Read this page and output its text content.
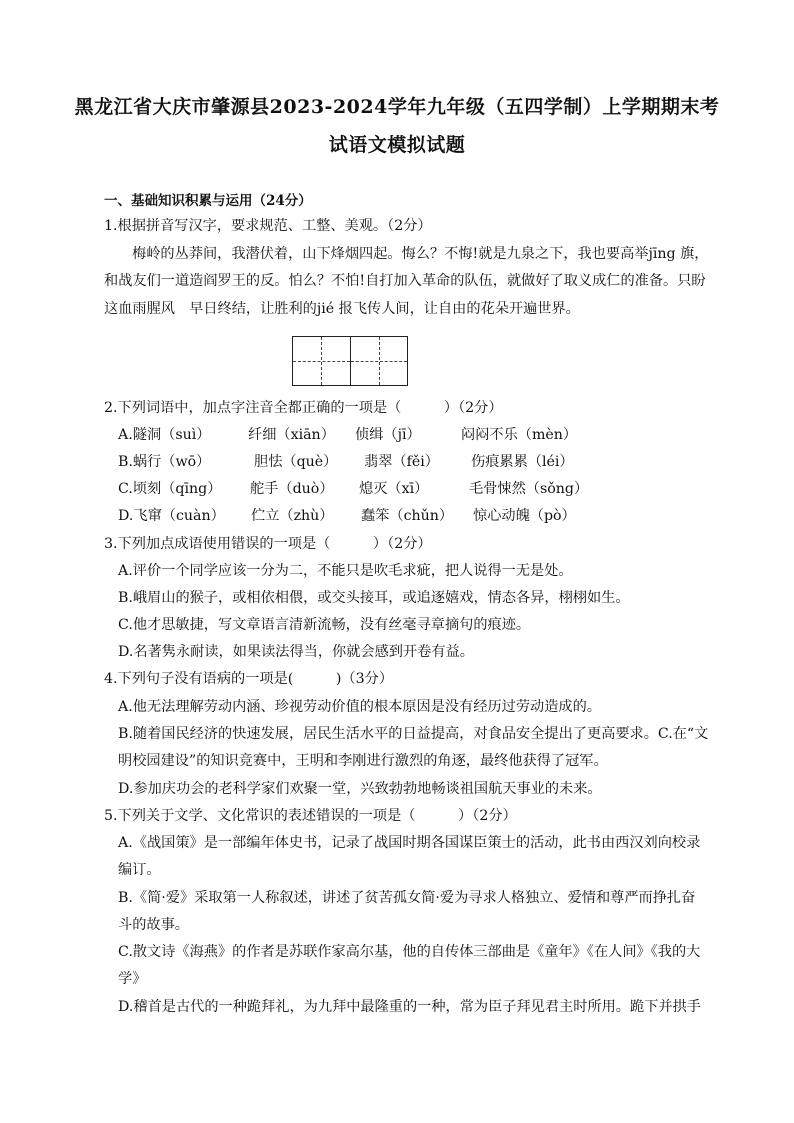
黑龙江省大庆市肇源县2023-2024学年九年级（五四学制）上学期期末考
试语文模拟试题
一、基础知识积累与运用（24分）
1.根据拼音写汉字，要求规范、工整、美观。（2分）
梅岭的丛莽间，我潜伏着，山下烽烟四起。悔么？不悔!就是九泉之下，我也要高举jīng 旗，
和战友们一道造阎罗王的反。怕么？不怕!自打加入革命的队伍，就做好了取义成仁的准备。只盼
这血雨腥风　早日终结，让胜利的jié 报飞传人间，让自由的花朵开遍世界。
2.下列词语中，加点字注音全都正确的一项是（　　　）（2分）
A.隧洞（suì）	纤细（xiān） 侦缉（jī）	闷闷不乐（mèn）
B.蜗行（wō）	胆怯（què） 翡翠（fěi） 伤痕累累（léi）
C.顷刻（qīng） 舵手（duò） 熄灭（xī）	毛骨悚然（sǒng）
D.飞窜（cuàn） 伫立（zhù） 蠢笨（chǔn） 惊心动魄（pò）
3.下列加点成语使用错误的一项是（　　　）（2分）
A.评价一个同学应该一分为二，不能只是吹毛求疵，把人说得一无是处。
B.峨眉山的猴子，或相依相偎，或交头接耳，或追逐嬉戏，情态各异，栩栩如生。
C.他才思敏捷，写文章语言清新流畅，没有丝毫寻章摘句的痕迹。
D.名著隽永耐读，如果读法得当，你就会感到开卷有益。
4.下列句子没有语病的一项是(　　　)（3分）
A.他无法理解劳动内涵、珍视劳动价值的根本原因是没有经历过劳动造成的。
B.随着国民经济的快速发展，居民生活水平的日益提高，对食品安全提出了更高要求。C.在“文
明校园建设”的知识竞赛中，王明和李刚进行激烈的角逐，最终他获得了冠军。
D.参加庆功会的老科学家们欢聚一堂，兴致勃勃地畅谈祖国航天事业的未来。
5.下列关于文学、文化常识的表述错误的一项是（　　　）（2分）
A.《战国策》是一部编年体史书，记录了战国时期各国谋臣策士的活动，此书由西汉刘向校录
编订。
B.《简·爱》采取第一人称叙述，讲述了贫苦孤女简·爱为寻求人格独立、爱情和尊严而挣扎奋
斗的故事。
C.散文诗《海燕》的作者是苏联作家高尔基，他的自传体三部曲是《童年》《在人间》《我的大
学》
D.稽首是古代的一种跪拜礼，为九拜中最隆重的一种，常为臣子拜见君主时所用。跪下并拱手
